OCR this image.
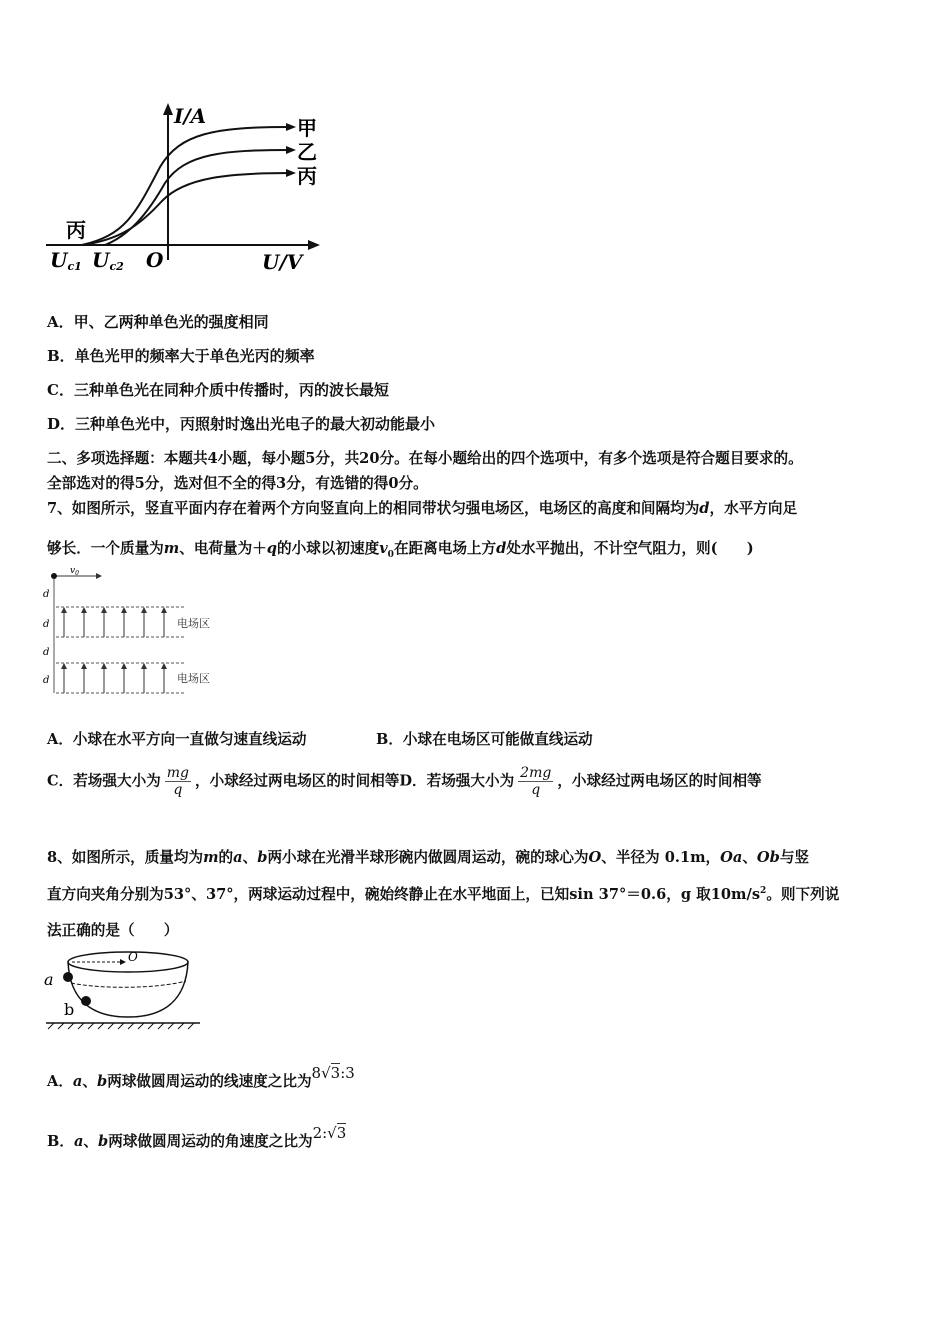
I/A
U/V
O
甲
乙
丙
丙
Uc1 Uc2
A．甲、乙两种单色光的强度相同
B．单色光甲的频率大于单色光丙的频率
C．三种单色光在同种介质中传播时，丙的波长最短
D．三种单色光中，丙照射时逸出光电子的最大初动能最小
二、多项选择题：本题共4小题，每小题5分，共20分。在每小题给出的四个选项中，有多个选项是符合题目要求的。
全部选对的得5分，选对但不全的得3分，有选错的得0分。
7、如图所示，竖直平面内存在着两个方向竖直向上的相同带状匀强电场区，电场区的高度和间隔均为d，水平方向足
够长．一个质量为m、电荷量为＋q的小球以初速度$v_0$在距离电场上方d处水平抛出，不计空气阻力，则(　　)
$v_0$
d
d
d
d
电场区
电场区
A．小球在水平方向一直做匀速直线运动	B．小球在电场区可能做直线运动
C．若场强大小为 $\frac{mg}{q}$ ，小球经过两电场区的时间相等D．若场强大小为 $\frac{2mg}{q}$ ，小球经过两电场区的时间相等
8、如图所示，质量均为m的a、b两小球在光滑半球形碗内做圆周运动，碗的球心为O、半径为 0.1m，Oa、Ob与竖
直方向夹角分别为53°、37°，两球运动过程中，碗始终静止在水平地面上，已知sin 37°＝0.6，g 取$10m/s^2$。则下列说
法正确的是（　　）
O
a
b
A．a、b两球做圆周运动的线速度之比为8√3:3
B．a、b两球做圆周运动的角速度之比为2:√3
